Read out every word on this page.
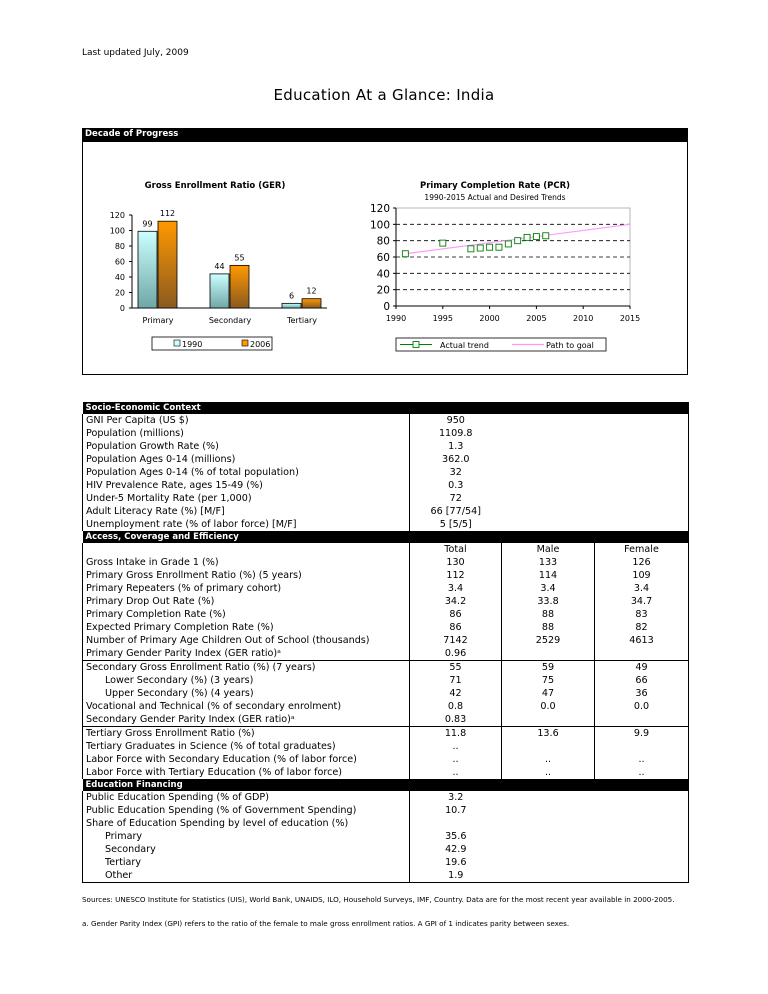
Last updated July, 2009
Education At a Glance: India
Decade of Progress
Gross Enrollment Ratio (GER)
0
20
40
60
80
100
120
99
112
Primary
44
55
Secondary
6
12
Tertiary
1990	2006
Primary Completion Rate (PCR)
1990-2015 Actual and Desired Trends
0
20
40
60
80
100
120
1990	1995	2000	2005	2010	2015
Actual trend	Path to goal
Socio-Economic Context			
GNI Per Capita (US $)	950		
Population (millions)	1109.8		
Population Growth Rate (%)	1.3		
Population Ages 0-14 (millions)	362.0		
Population Ages 0-14 (% of total population)	32		
HIV Prevalence Rate, ages 15-49 (%)	0.3		
Under-5 Mortality Rate (per 1,000)	72		
Adult Literacy Rate (%) [M/F]	66 [77/54]		
Unemployment rate (% of labor force) [M/F]	5 [5/5]		
Access, Coverage and Efficiency			
	Total	Male	Female
Gross Intake in Grade 1 (%)	130	133	126
Primary Gross Enrollment Ratio (%) (5 years)	112	114	109
Primary Repeaters (% of primary cohort)	3.4	3.4	3.4
Primary Drop Out Rate (%)	34.2	33.8	34.7
Primary Completion Rate (%)	86	88	83
Expected Primary Completion Rate (%)	86	88	82
Number of Primary Age Children Out of School (thousands)	7142	2529	4613
Primary Gender Parity Index (GER ratio)ᵃ	0.96		
Secondary Gross Enrollment Ratio (%) (7 years)	55	59	49
Lower Secondary (%) (3 years)	71	75	66
Upper Secondary (%) (4 years)	42	47	36
Vocational and Technical (% of secondary enrolment)	0.8	0.0	0.0
Secondary Gender Parity Index (GER ratio)ᵃ	0.83		
Tertiary Gross Enrollment Ratio (%)	11.8	13.6	9.9
Tertiary Graduates in Science (% of total graduates)	..		
Labor Force with Secondary Education (% of labor force)	..	..	..
Labor Force with Tertiary Education (% of labor force)	..	..	..
Education Financing			
Public Education Spending (% of GDP)	3.2		
Public Education Spending (% of Government Spending)	10.7		
Share of Education Spending by level of education (%)			
Primary	35.6		
Secondary	42.9		
Tertiary	19.6		
Other	1.9		
Sources: UNESCO Institute for Statistics (UIS), World Bank, UNAIDS, ILO, Household Surveys, IMF, Country. Data are for the most recent year available in 2000-2005.
a. Gender Parity Index (GPI) refers to the ratio of the female to male gross enrollment ratios. A GPI of 1 indicates parity between sexes.
